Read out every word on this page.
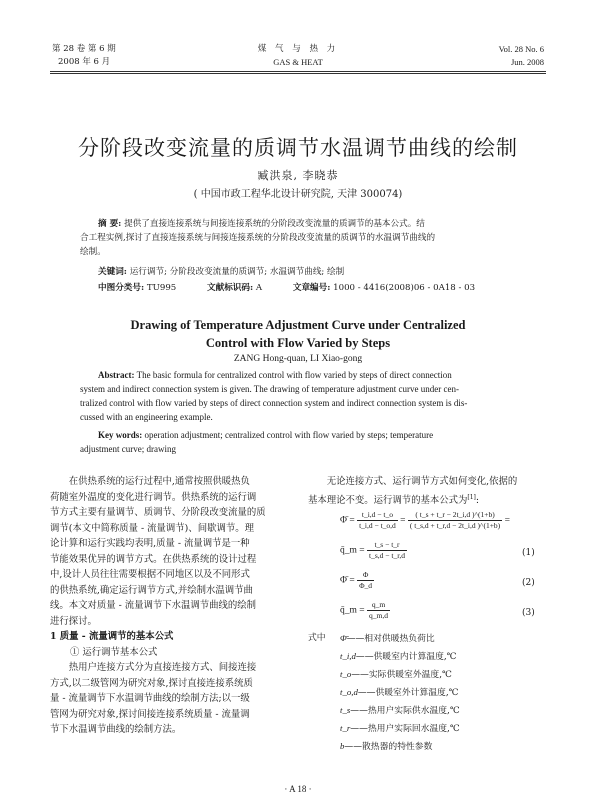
第 28 卷 第 6 期
2008 年 6 月
煤 气 与 热 力
GAS & HEAT
Vol. 28 No. 6
Jun. 2008
分阶段改变流量的质调节水温调节曲线的绘制
臧洪泉, 李晓恭
( 中国市政工程华北设计研究院, 天津 300074)
摘 要: 提供了直接连接系统与间接连接系统的分阶段改变流量的质调节的基本公式。结
合工程实例,探讨了直接连接系统与间接连接系统的分阶段改变流量的质调节的水温调节曲线的
绘制。
关键词: 运行调节; 分阶段改变流量的质调节; 水温调节曲线; 绘制
中图分类号: TU995	文献标识码: A	文章编号: 1000 - 4416(2008)06 - 0A18 - 03
Drawing of Temperature Adjustment Curve under Centralized
Control with Flow Varied by Steps
ZANG Hong-quan, LI Xiao-gong
Abstract: The basic formula for centralized control with flow varied by steps of direct connection
system and indirect connection system is given. The drawing of temperature adjustment curve under cen-
tralized control with flow varied by steps of direct connection system and indirect connection system is dis-
cussed with an engineering example.
Key words: operation adjustment; centralized control with flow varied by steps; temperature
adjustment curve; drawing
在供热系统的运行过程中,通常按照供暖热负
荷随室外温度的变化进行调节。供热系统的运行调
节方式主要有量调节、质调节、分阶段改变流量的质
调节(本文中简称质量 - 流量调节)、间歇调节。理
论计算和运行实践均表明,质量 - 流量调节是一种
节能效果优异的调节方式。在供热系统的设计过程
中,设计人员往往需要根据不同地区以及不同形式
的供热系统,确定运行调节方式,并绘制水温调节曲
线。本文对质量 - 流量调节下水温调节曲线的绘制
进行探讨。
1 质量 - 流量调节的基本公式
① 运行调节基本公式
热用户连接方式分为直接连接方式、间接连接
方式,以二级管网为研究对象,探讨直接连接系统质
量 - 流量调节下水温调节曲线的绘制方法;以一级
管网为研究对象,探讨间接连接系统质量 - 流量调
节下水温调节曲线的绘制方法。
无论连接方式、运行调节方式如何变化,依据的
基本理论不变。运行调节的基本公式为[1]:
Φ̄ = $\frac{t\_i,d - t\_o}{t\_i,d - t\_o,d} = \frac{( t\_s + t\_r - 2t\_i,d )\^{}(1+b)}{( t\_s,d + t\_r,d - 2t\_i,d )\^{}(1+b)}$ =
q̄_m = $\frac{t\_s - t\_r}{t\_s,d - t\_r,d}$	(1)
Φ̄ = $\frac{\Phi}{\Phi\_d}$	(2)
q̄_m = $\frac{q\_m}{q\_m,d}$	(3)
式中 Φ̄——相对供暖热负荷比
t_i,d——供暖室内计算温度,℃
t_o——实际供暖室外温度,℃
t_o,d——供暖室外计算温度,℃
t_s——热用户实际供水温度,℃
t_r——热用户实际回水温度,℃
b——散热器的特性参数
· A 18 ·
